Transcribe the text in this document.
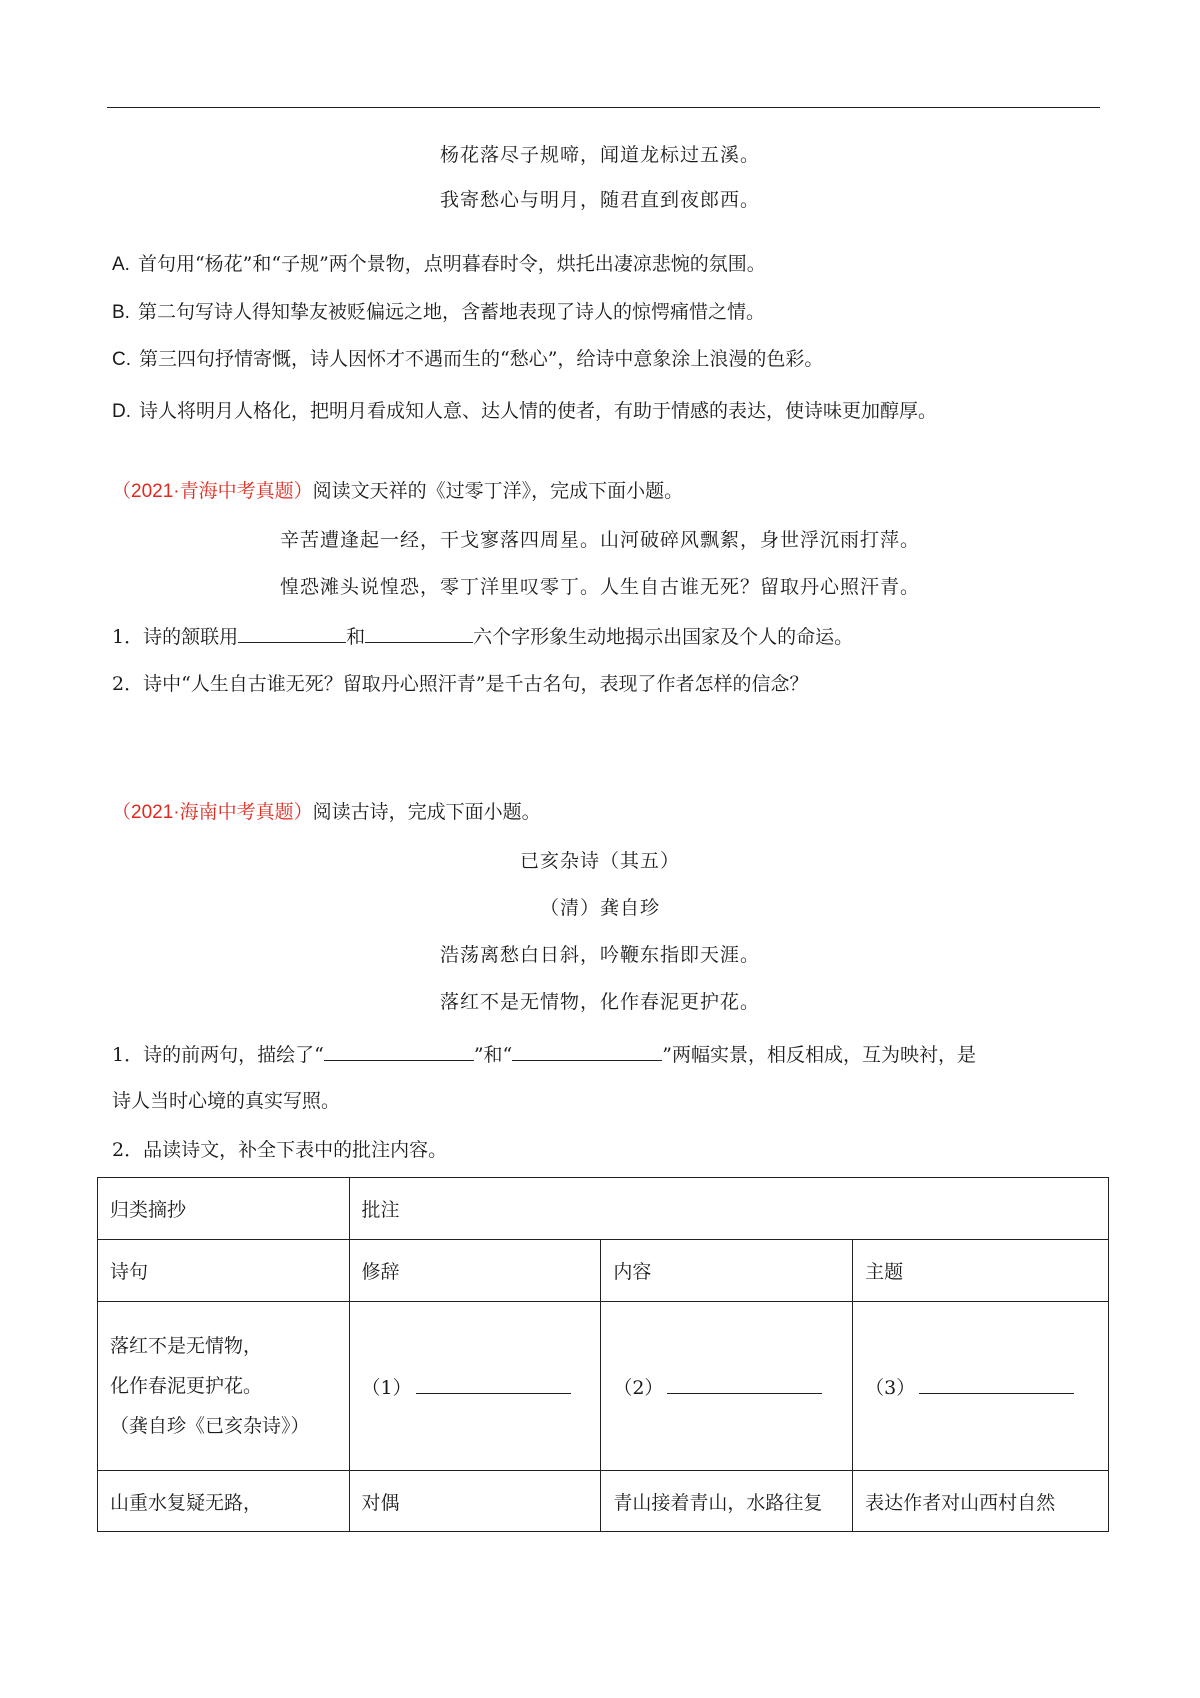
杨花落尽子规啼，闻道龙标过五溪。
我寄愁心与明月，随君直到夜郎西。
A. 首句用“杨花”和“子规”两个景物，点明暮春时令，烘托出凄凉悲惋的氛围。
B. 第二句写诗人得知挚友被贬偏远之地，含蓄地表现了诗人的惊愕痛惜之情。
C. 第三四句抒情寄慨，诗人因怀才不遇而生的“愁心”，给诗中意象涂上浪漫的色彩。
D. 诗人将明月人格化，把明月看成知人意、达人情的使者，有助于情感的表达，使诗味更加醇厚。
（2021·青海中考真题）阅读文天祥的《过零丁洋》，完成下面小题。
辛苦遭逢起一经，干戈寥落四周星。山河破碎风飘絮，身世浮沉雨打萍。
惶恐滩头说惶恐，零丁洋里叹零丁。人生自古谁无死？留取丹心照汗青。
1．诗的颔联用	和	六个字形象生动地揭示出国家及个人的命运。
2．诗中“人生自古谁无死？留取丹心照汗青”是千古名句，表现了作者怎样的信念？
（2021·海南中考真题）阅读古诗，完成下面小题。
已亥杂诗（其五）
（清）龚自珍
浩荡离愁白日斜，吟鞭东指即天涯。
落红不是无情物，化作春泥更护花。
1．诗的前两句，描绘了“	”和“	”两幅实景，相反相成，互为映衬，是
诗人当时心境的真实写照。
2．品读诗文，补全下表中的批注内容。
归类摘抄	批注		
诗句	修辞	内容	主题

落红不是无情物，
化作春泥更护花。
（龚自珍《已亥杂诗》）	（1）	（2）	（3）
山重水复疑无路，	对偶	青山接着青山，水路往复	表达作者对山西村自然
